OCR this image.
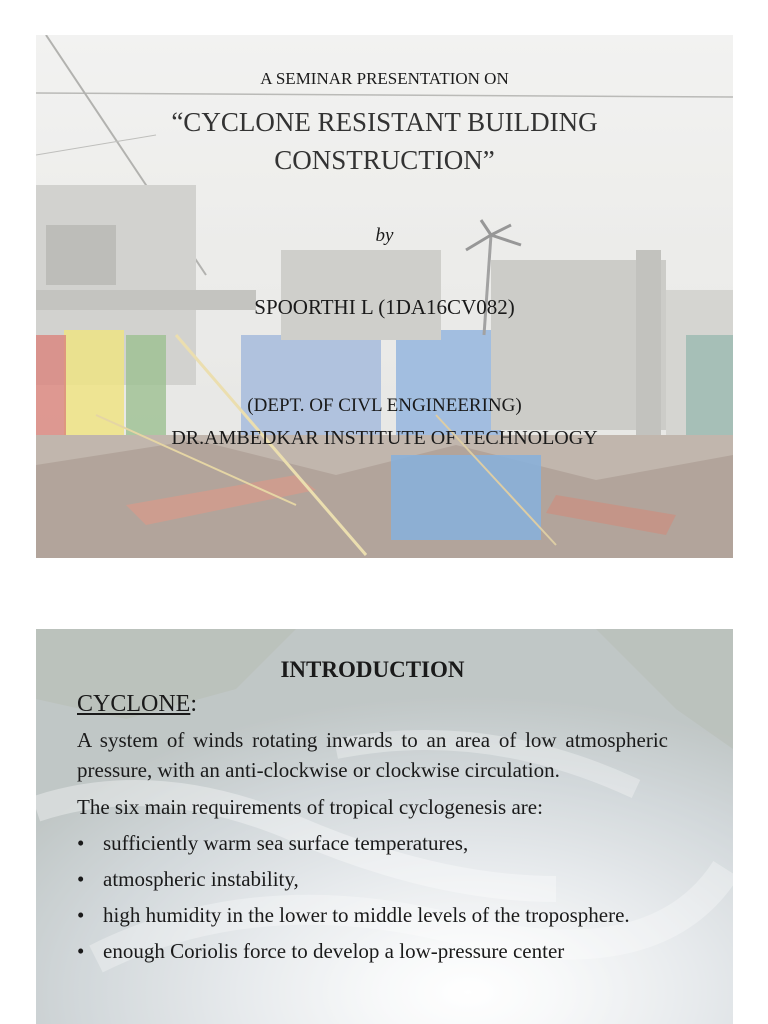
A SEMINAR PRESENTATION ON
“CYCLONE RESISTANT BUILDING
CONSTRUCTION”
by
SPOORTHI L (1DA16CV082)
(DEPT. OF CIVL ENGINEERING)
DR.AMBEDKAR INSTITUTE OF TECHNOLOGY
INTRODUCTION
CYCLONE:
A system of winds rotating inwards to an area of low atmospheric pressure, with an anti-clockwise or clockwise circulation.
The six main requirements of tropical cyclogenesis are:
• sufficiently warm sea surface temperatures,
• atmospheric instability,
• high humidity in the lower to middle levels of the troposphere.
• enough Coriolis force to develop a low-pressure center
